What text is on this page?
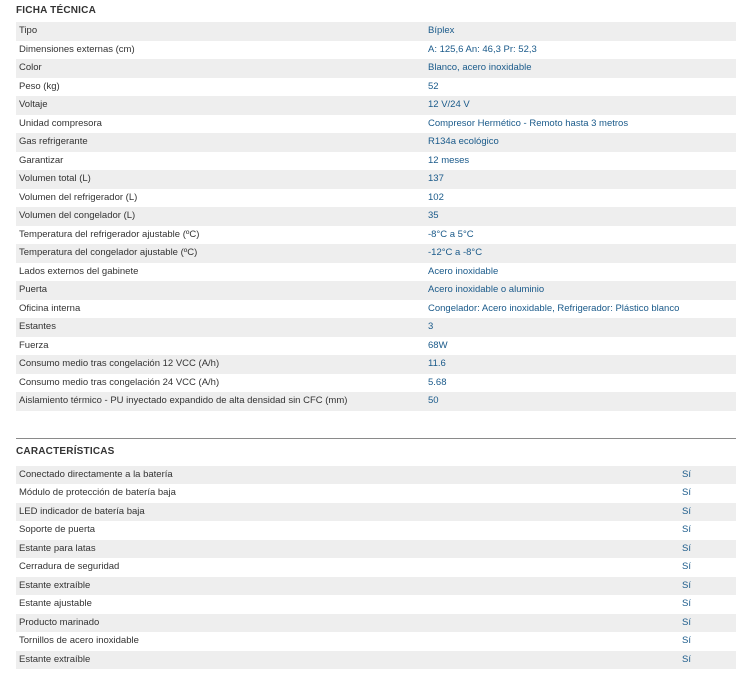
FICHA TÉCNICA
Tipo	Bíplex
Dimensiones externas (cm)	A: 125,6 An: 46,3 Pr: 52,3
Color	Blanco, acero inoxidable
Peso (kg)	52
Voltaje	12 V/24 V
Unidad compresora	Compresor Hermético - Remoto hasta 3 metros
Gas refrigerante	R134a ecológico
Garantizar	12 meses
Volumen total (L)	137
Volumen del refrigerador (L)	102
Volumen del congelador (L)	35
Temperatura del refrigerador ajustable (ºC)	-8°C a 5°C
Temperatura del congelador ajustable (ºC)	-12°C a -8°C
Lados externos del gabinete	Acero inoxidable
Puerta	Acero inoxidable o aluminio
Oficina interna	Congelador: Acero inoxidable, Refrigerador: Plástico blanco
Estantes	3
Fuerza	68W
Consumo medio tras congelación 12 VCC (A/h)	11.6
Consumo medio tras congelación 24 VCC (A/h)	5.68
Aislamiento térmico - PU inyectado expandido de alta densidad sin CFC (mm)	50
CARACTERÍSTICAS
Conectado directamente a la batería	Sí
Módulo de protección de batería baja	Sí
LED indicador de batería baja	Sí
Soporte de puerta	Sí
Estante para latas	Sí
Cerradura de seguridad	Sí
Estante extraíble	Sí
Estante ajustable	Sí
Producto marinado	Sí
Tornillos de acero inoxidable	Sí
Estante extraíble	Sí
